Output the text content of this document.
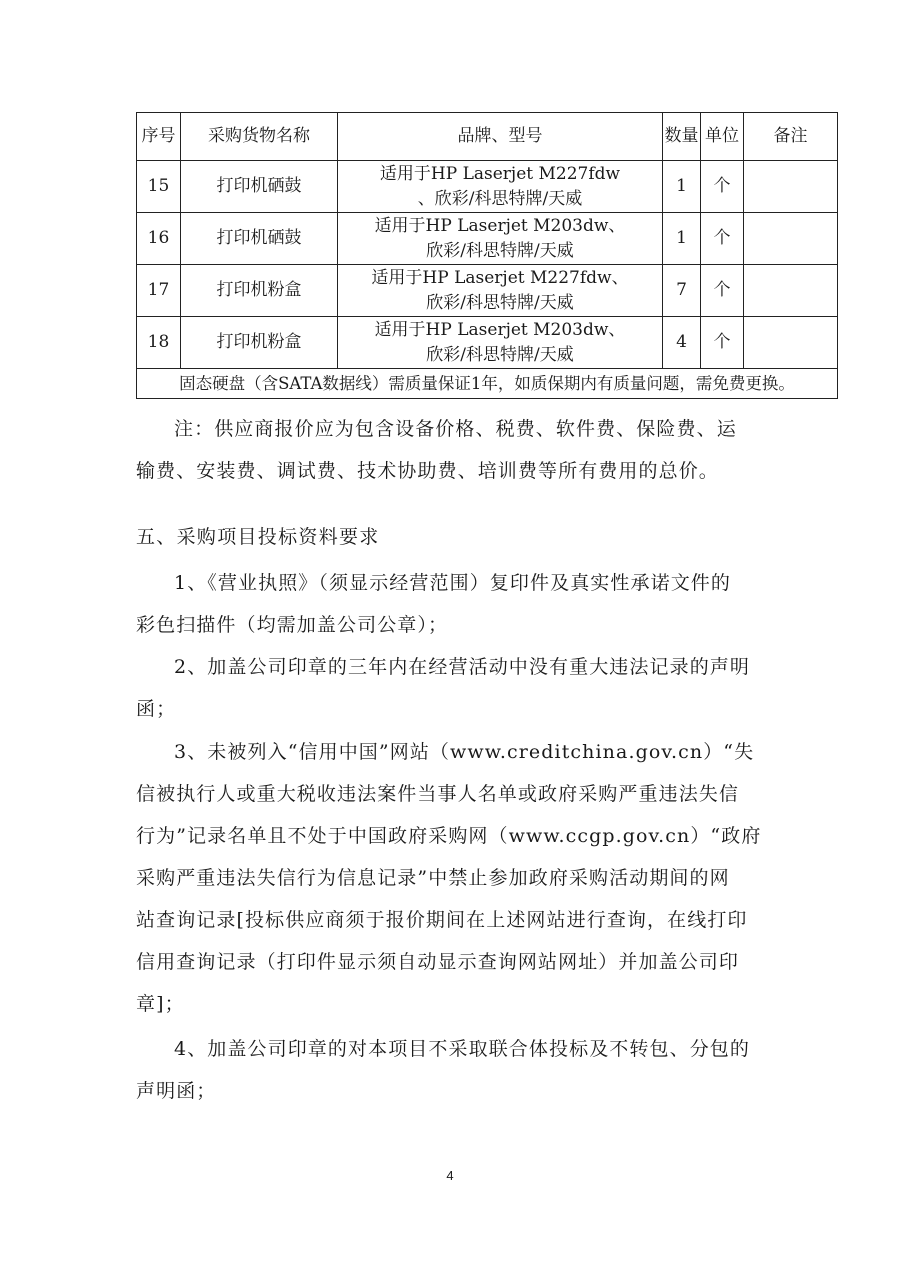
序号	采购货物名称	品牌、型号	数量	单位	备注
15	打印机硒鼓	适用于HP Laserjet M227fdw
、欣彩/科思特牌/天威	1	个	
16	打印机硒鼓	适用于HP Laserjet M203dw、
欣彩/科思特牌/天威	1	个	
17	打印机粉盒	适用于HP Laserjet M227fdw、
欣彩/科思特牌/天威	7	个	
18	打印机粉盒	适用于HP Laserjet M203dw、
欣彩/科思特牌/天威	4	个	
固态硬盘（含SATA数据线）需质量保证1年，如质保期内有质量问题，需免费更换。					

注：供应商报价应为包含设备价格、税费、软件费、保险费、运
输费、安装费、调试费、技术协助费、培训费等所有费用的总价。

五、采购项目投标资料要求

1、《营业执照》（须显示经营范围）复印件及真实性承诺文件的
彩色扫描件（均需加盖公司公章）；

2、加盖公司印章的三年内在经营活动中没有重大违法记录的声明
函；

3、未被列入“信用中国”网站（www.creditchina.gov.cn）“失
信被执行人或重大税收违法案件当事人名单或政府采购严重违法失信
行为”记录名单且不处于中国政府采购网（www.ccgp.gov.cn）“政府
采购严重违法失信行为信息记录”中禁止参加政府采购活动期间的网
站查询记录[投标供应商须于报价期间在上述网站进行查询，在线打印
信用查询记录（打印件显示须自动显示查询网站网址）并加盖公司印
章]；

4、加盖公司印章的对本项目不采取联合体投标及不转包、分包的
声明函；

4
